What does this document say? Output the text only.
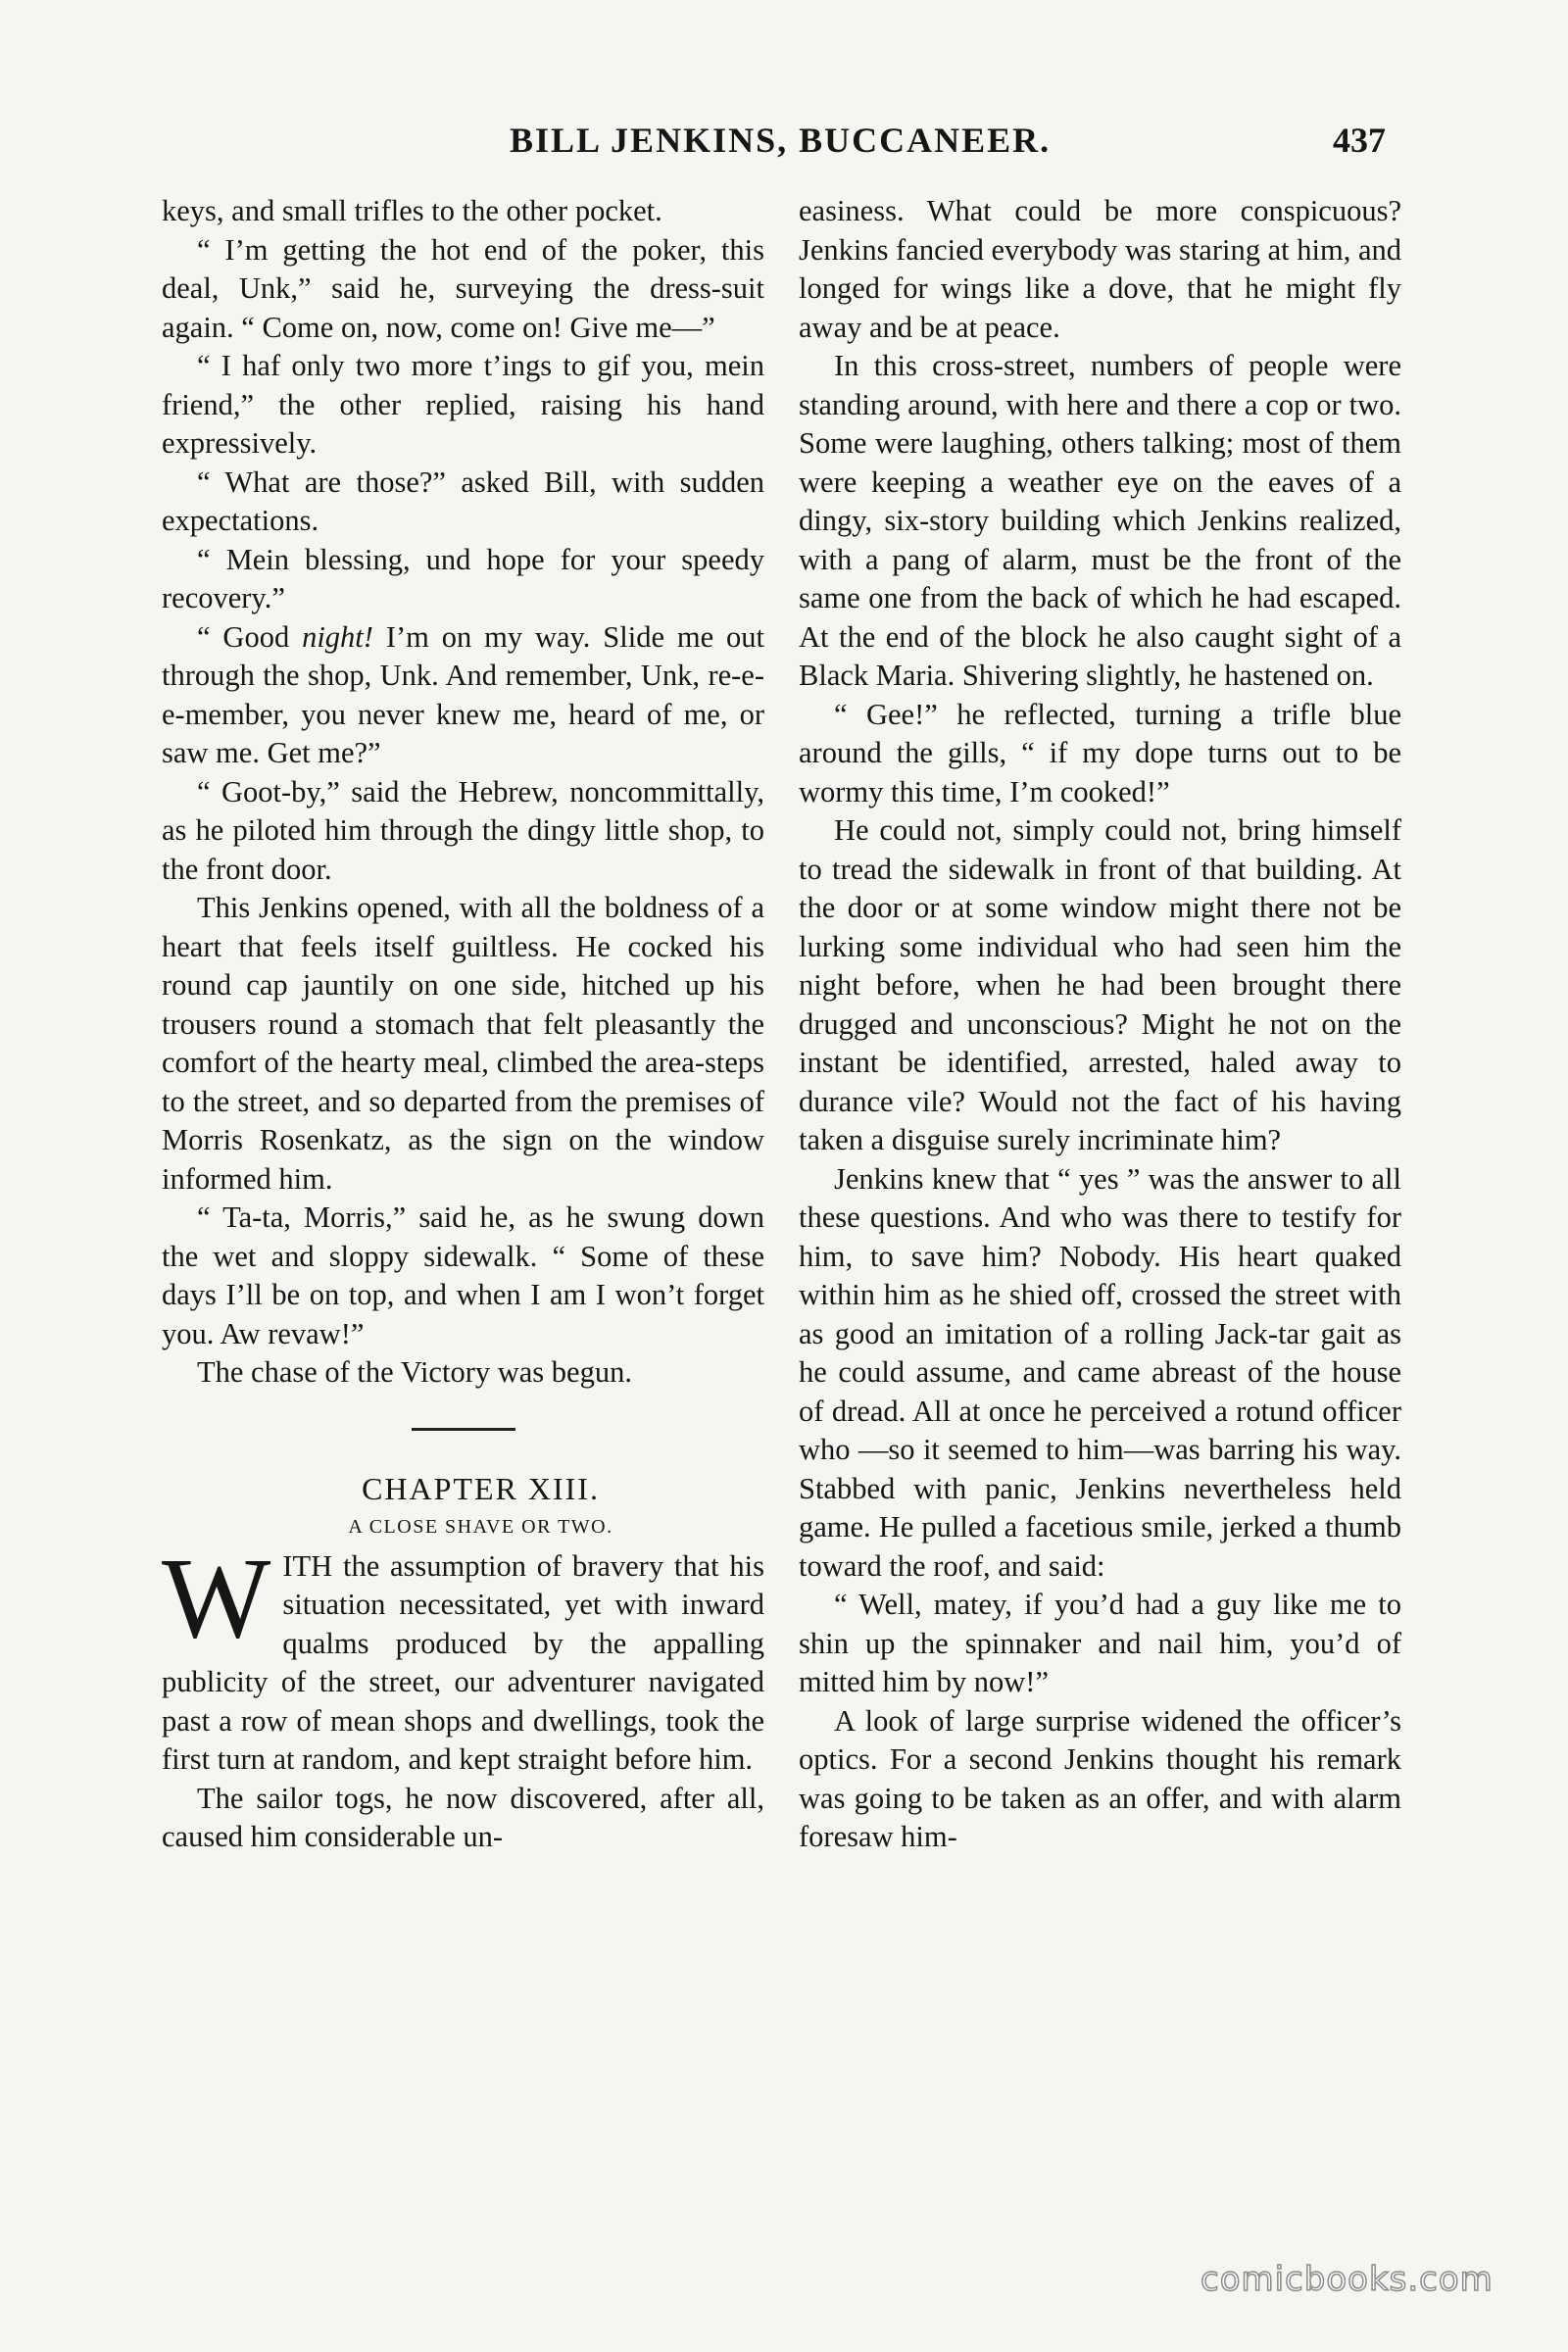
BILL JENKINS, BUCCANEER.	437

keys, and small trifles to the other pocket.

“ I’m getting the hot end of the poker, this deal, Unk,” said he, surveying the dress-suit again. “ Come on, now, come on! Give me—”

“ I haf only two more t’ings to gif you, mein friend,” the other replied, raising his hand expressively.

“ What are those?” asked Bill, with sudden expectations.

“ Mein blessing, und hope for your speedy recovery.”

“ Good night! I’m on my way. Slide me out through the shop, Unk. And remember, Unk, re-e-e-member, you never knew me, heard of me, or saw me. Get me?”

“ Goot-by,” said the Hebrew, noncommittally, as he piloted him through the dingy little shop, to the front door.

This Jenkins opened, with all the boldness of a heart that feels itself guiltless. He cocked his round cap jauntily on one side, hitched up his trousers round a stomach that felt pleasantly the comfort of the hearty meal, climbed the area-steps to the street, and so departed from the premises of Morris Rosenkatz, as the sign on the window informed him.

“ Ta-ta, Morris,” said he, as he swung down the wet and sloppy sidewalk. “ Some of these days I’ll be on top, and when I am I won’t forget you. Aw revaw!”

The chase of the Victory was begun.

CHAPTER XIII.

A CLOSE SHAVE OR TWO.

WITH the assumption of bravery that his situation necessitated, yet with inward qualms produced by the appalling publicity of the street, our adventurer navigated past a row of mean shops and dwellings, took the first turn at random, and kept straight before him.

The sailor togs, he now discovered, after all, caused him considerable un-

easiness. What could be more conspicuous? Jenkins fancied everybody was staring at him, and longed for wings like a dove, that he might fly away and be at peace.

In this cross-street, numbers of people were standing around, with here and there a cop or two. Some were laughing, others talking; most of them were keeping a weather eye on the eaves of a dingy, six-story building which Jenkins realized, with a pang of alarm, must be the front of the same one from the back of which he had escaped. At the end of the block he also caught sight of a Black Maria. Shivering slightly, he hastened on.

“ Gee!” he reflected, turning a trifle blue around the gills, “ if my dope turns out to be wormy this time, I’m cooked!”

He could not, simply could not, bring himself to tread the sidewalk in front of that building. At the door or at some window might there not be lurking some individual who had seen him the night before, when he had been brought there drugged and unconscious? Might he not on the instant be identified, arrested, haled away to durance vile? Would not the fact of his having taken a disguise surely incriminate him?

Jenkins knew that “ yes ” was the answer to all these questions. And who was there to testify for him, to save him? Nobody. His heart quaked within him as he shied off, crossed the street with as good an imitation of a rolling Jack-tar gait as he could assume, and came abreast of the house of dread. All at once he perceived a rotund officer who —so it seemed to him—was barring his way. Stabbed with panic, Jenkins nevertheless held game. He pulled a facetious smile, jerked a thumb toward the roof, and said:

“ Well, matey, if you’d had a guy like me to shin up the spinnaker and nail him, you’d of mitted him by now!”

A look of large surprise widened the officer’s optics. For a second Jenkins thought his remark was going to be taken as an offer, and with alarm foresaw him-

comicbooks.com
